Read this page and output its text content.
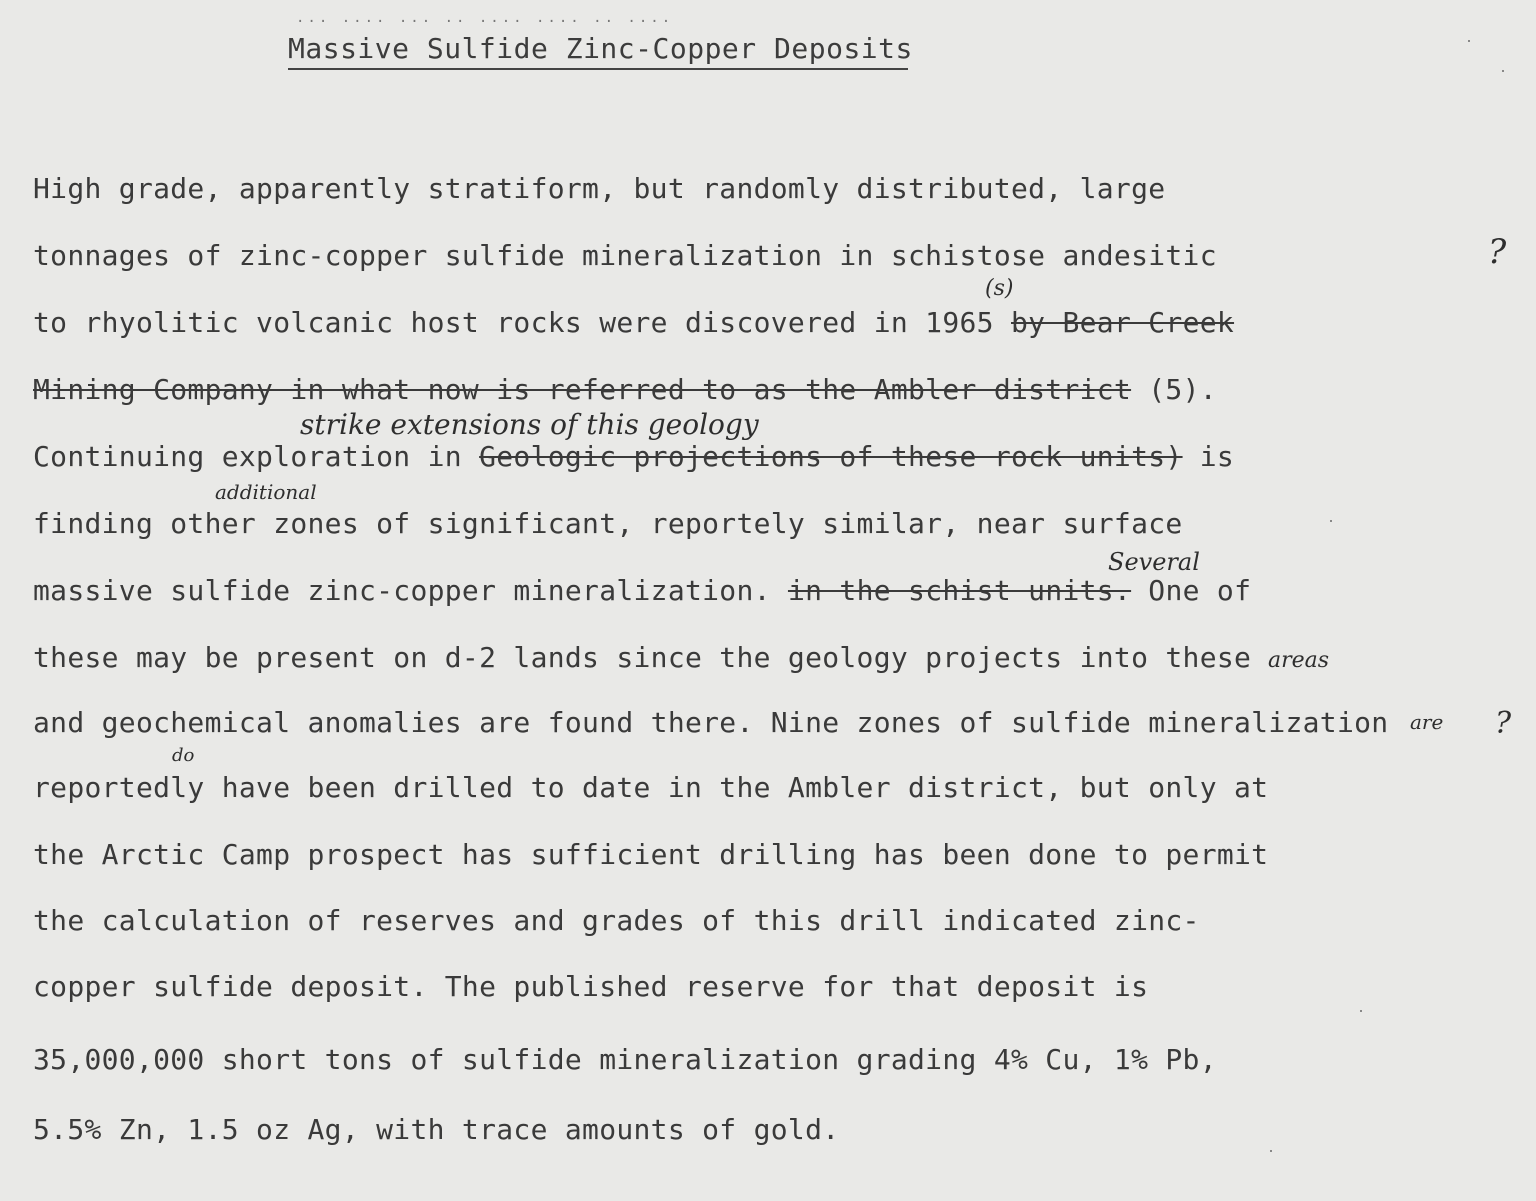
... .... ... .. .... .... .. ....
Massive Sulfide Zinc-Copper Deposits
High grade, apparently stratiform, but randomly distributed, large
tonnages of zinc-copper sulfide mineralization in schistose andesitic
to rhyolitic volcanic host rocks were discovered in 1965 by Bear Creek
Mining Company in what now is referred to as the Ambler district (5).
Continuing exploration in Geologic projections of these rock units) is
finding other zones of significant, reportely similar, near surface
massive sulfide zinc-copper mineralization. in the schist units. One of
these may be present on d-2 lands since the geology projects into these
and geochemical anomalies are found there. Nine zones of sulfide mineralization
reportedly have been drilled to date in the Ambler district, but only at
the Arctic Camp prospect has sufficient drilling has been done to permit
the calculation of reserves and grades of this drill indicated zinc-
copper sulfide deposit. The published reserve for that deposit is
35,000,000 short tons of sulfide mineralization grading 4% Cu, 1% Pb,
5.5% Zn, 1.5 oz Ag, with trace amounts of gold.
(s)
strike extensions of this geology
additional
Several
areas
are
do
?
?
